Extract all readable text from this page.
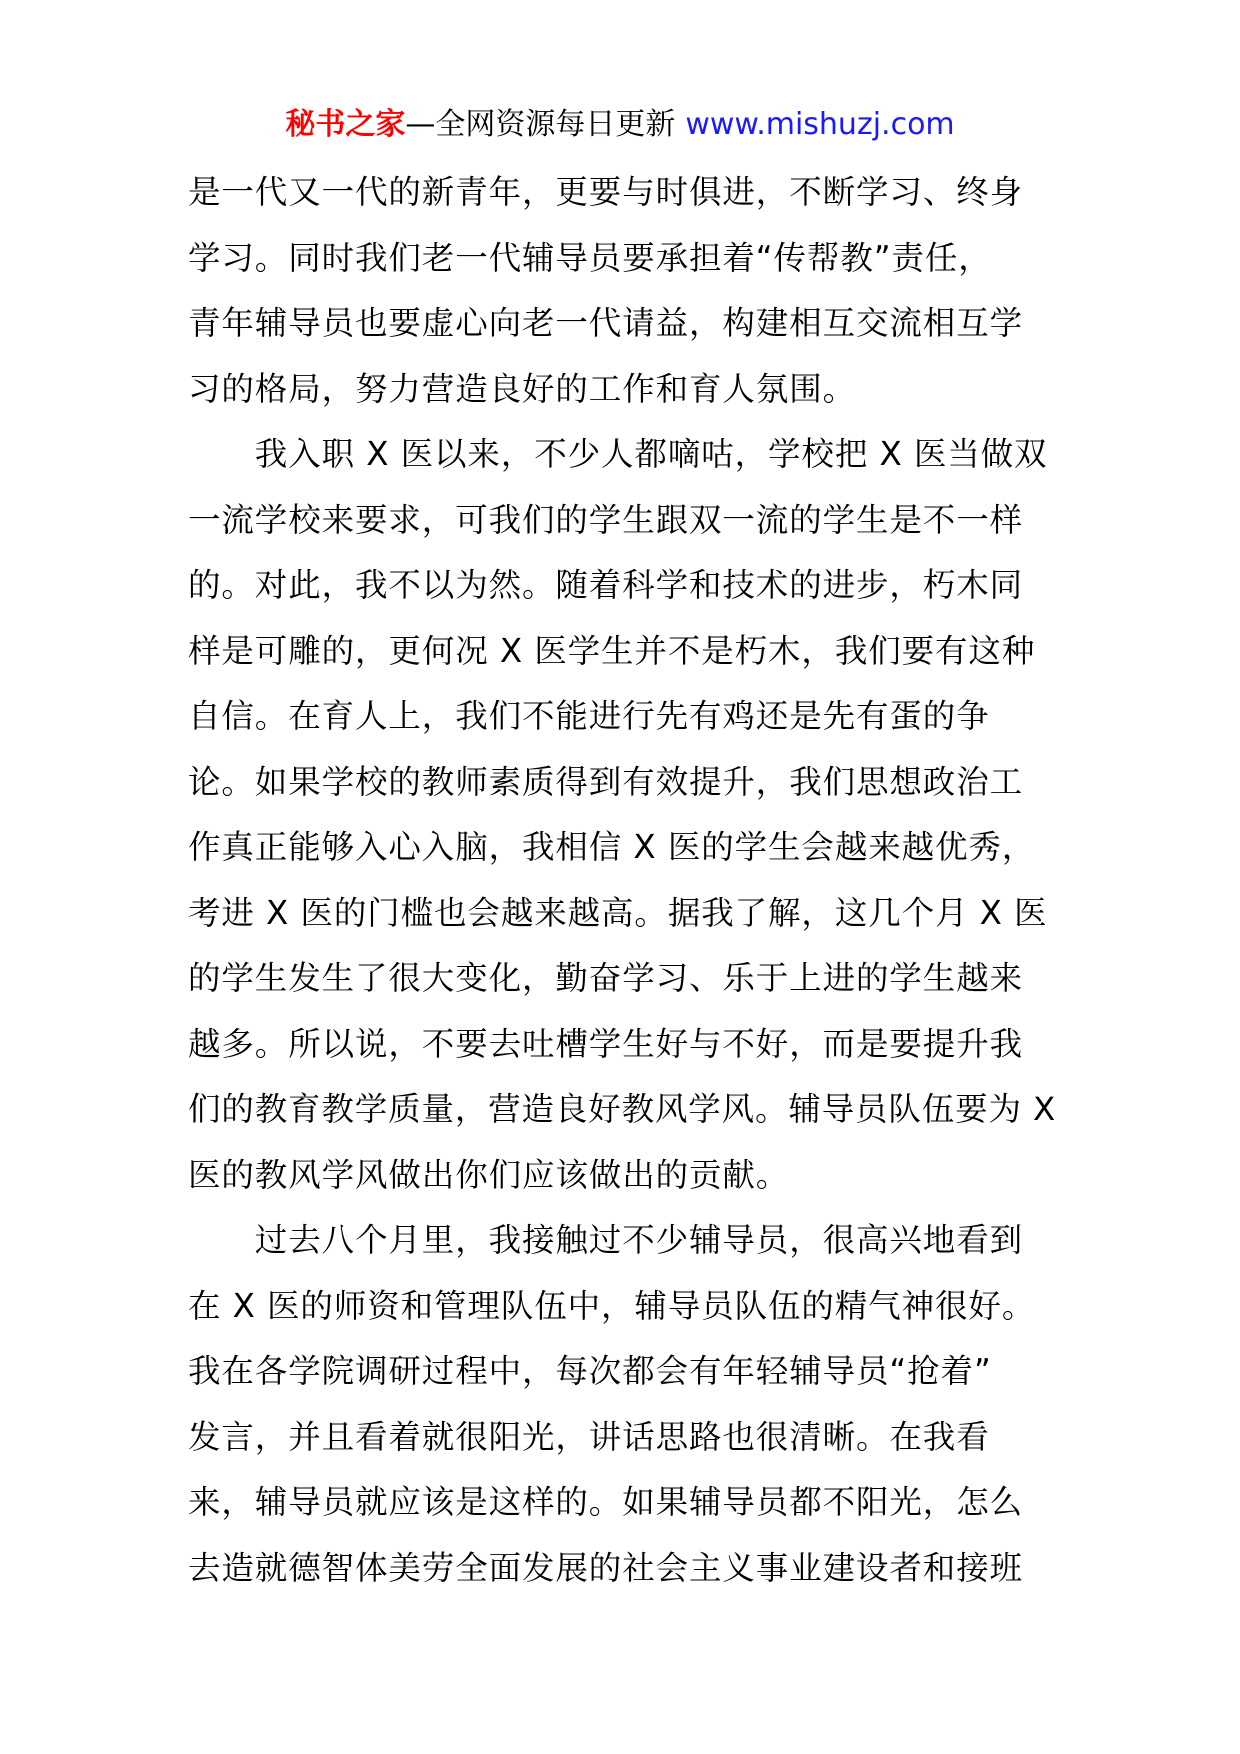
秘书之家—全网资源每日更新 www.mishuzj.com
是一代又一代的新青年，更要与时俱进，不断学习、终身
学习。同时我们老一代辅导员要承担着“传帮教”责任，
青年辅导员也要虚心向老一代请益，构建相互交流相互学
习的格局，努力营造良好的工作和育人氛围。
　　我入职 X 医以来，不少人都嘀咕，学校把 X 医当做双
一流学校来要求，可我们的学生跟双一流的学生是不一样
的。对此，我不以为然。随着科学和技术的进步，朽木同
样是可雕的，更何况 X 医学生并不是朽木，我们要有这种
自信。在育人上，我们不能进行先有鸡还是先有蛋的争
论。如果学校的教师素质得到有效提升，我们思想政治工
作真正能够入心入脑，我相信 X 医的学生会越来越优秀，
考进 X 医的门槛也会越来越高。据我了解，这几个月 X 医
的学生发生了很大变化，勤奋学习、乐于上进的学生越来
越多。所以说，不要去吐槽学生好与不好，而是要提升我
们的教育教学质量，营造良好教风学风。辅导员队伍要为 X
医的教风学风做出你们应该做出的贡献。
　　过去八个月里，我接触过不少辅导员，很高兴地看到
在 X 医的师资和管理队伍中，辅导员队伍的精气神很好。
我在各学院调研过程中，每次都会有年轻辅导员“抢着”
发言，并且看着就很阳光，讲话思路也很清晰。在我看
来，辅导员就应该是这样的。如果辅导员都不阳光，怎么
去造就德智体美劳全面发展的社会主义事业建设者和接班
